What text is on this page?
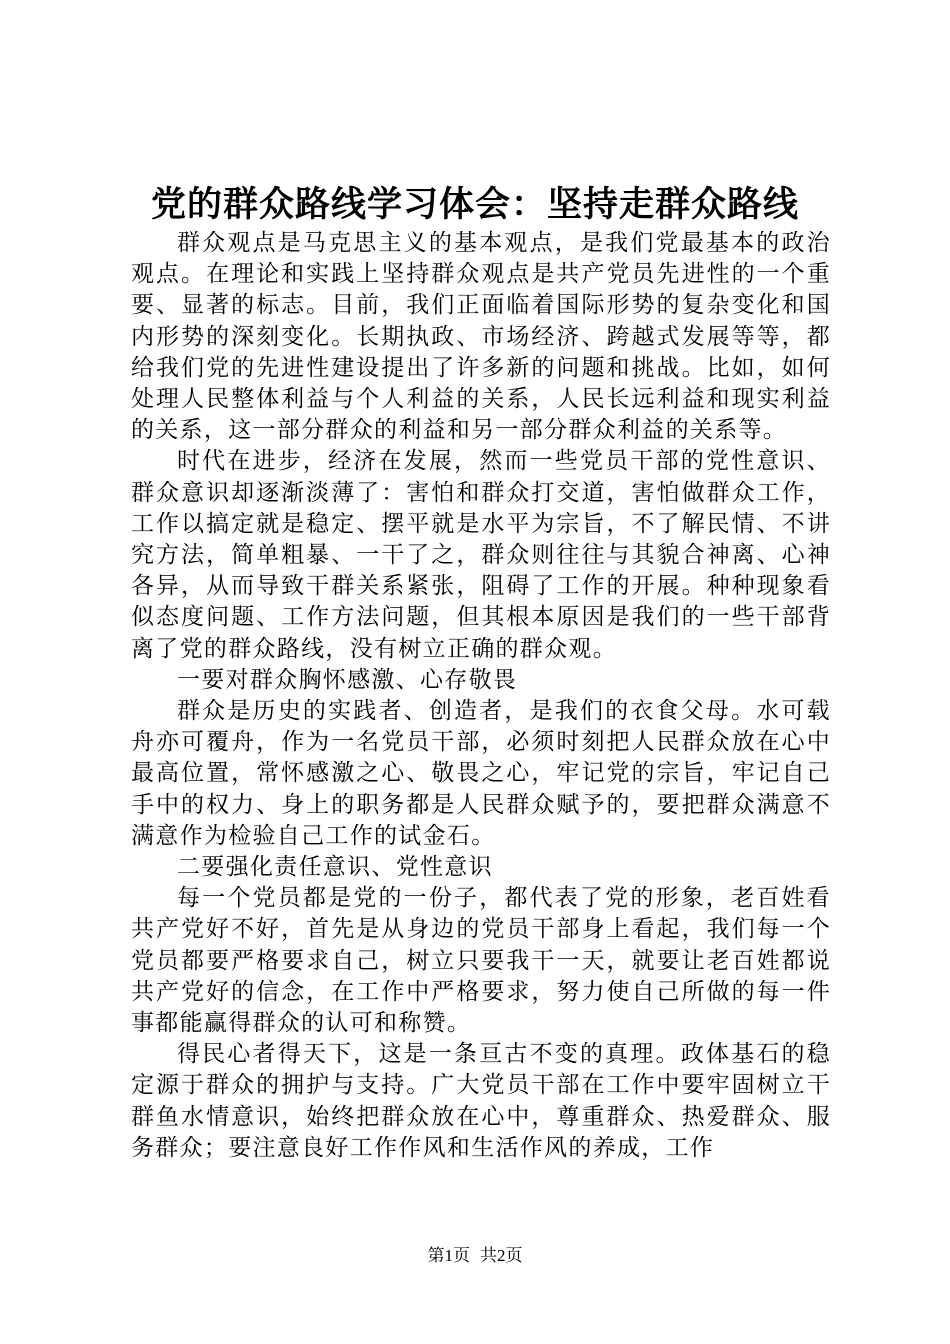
党的群众路线学习体会：坚持走群众路线

群众观点是马克思主义的基本观点，是我们党最基本的政治观点。在理论和实践上坚持群众观点是共产党员先进性的一个重要、显著的标志。目前，我们正面临着国际形势的复杂变化和国内形势的深刻变化。长期执政、市场经济、跨越式发展等等，都给我们党的先进性建设提出了许多新的问题和挑战。比如，如何处理人民整体利益与个人利益的关系，人民长远利益和现实利益的关系，这一部分群众的利益和另一部分群众利益的关系等。

时代在进步，经济在发展，然而一些党员干部的党性意识、群众意识却逐渐淡薄了：害怕和群众打交道，害怕做群众工作，工作以搞定就是稳定、摆平就是水平为宗旨，不了解民情、不讲究方法，简单粗暴、一干了之，群众则往往与其貌合神离、心神各异，从而导致干群关系紧张，阻碍了工作的开展。种种现象看似态度问题、工作方法问题，但其根本原因是我们的一些干部背离了党的群众路线，没有树立正确的群众观。

一要对群众胸怀感激、心存敬畏

群众是历史的实践者、创造者，是我们的衣食父母。水可载舟亦可覆舟，作为一名党员干部，必须时刻把人民群众放在心中最高位置，常怀感激之心、敬畏之心，牢记党的宗旨，牢记自己手中的权力、身上的职务都是人民群众赋予的，要把群众满意不满意作为检验自己工作的试金石。

二要强化责任意识、党性意识

每一个党员都是党的一份子，都代表了党的形象，老百姓看共产党好不好，首先是从身边的党员干部身上看起，我们每一个党员都要严格要求自己，树立只要我干一天，就要让老百姓都说共产党好的信念，在工作中严格要求，努力使自己所做的每一件事都能赢得群众的认可和称赞。

得民心者得天下，这是一条亘古不变的真理。政体基石的稳定源于群众的拥护与支持。广大党员干部在工作中要牢固树立干群鱼水情意识，始终把群众放在心中，尊重群众、热爱群众、服务群众；要注意良好工作作风和生活作风的养成，工作

第1页 共2页
